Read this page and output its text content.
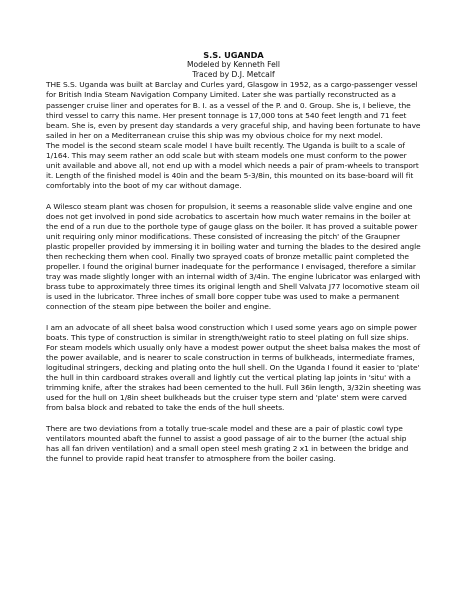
S.S. UGANDA
Modeled by Kenneth Fell
Traced by D.J. Metcalf

THE S.S. Uganda was built at Barclay and Curles yard, Glasgow in 1952, as a cargo-passenger vessel for British India Steam Navigation Company Limited. Later she was partially reconstructed as a passenger cruise liner and operates for B. I. as a vessel of the P. and 0. Group. She is, I believe, the third vessel to carry this name. Her present tonnage is 17,000 tons at 540 feet length and 71 feet beam. She is, even by present day standards a very graceful ship, and having been fortunate to have sailed in her on a Mediterranean cruise this ship was my obvious choice for my next model.

The model is the second steam scale model I have built recently. The Uganda is built to a scale of 1/164. This may seem rather an odd scale but with steam models one must conform to the power unit available and above all, not end up with a model which needs a pair of pram-wheels to transport it. Length of the finished model is 40in and the beam 5-3/8in, this mounted on its base-board will fit comfortably into the boot of my car without damage.

A Wilesco steam plant was chosen for propulsion, it seems a reasonable slide valve engine and one does not get involved in pond side acrobatics to ascertain how much water remains in the boiler at the end of a run due to the porthole type of gauge glass on the boiler. It has proved a suitable power unit requiring only minor modifications. These consisted of increasing the pitch' of the Graupner plastic propeller provided by immersing it in boiling water and turning the blades to the desired angle then rechecking them when cool. Finally two sprayed coats of bronze metallic paint completed the propeller. I found the original burner inadequate for the performance I envisaged, therefore a similar tray was made slightly longer with an internal width of 3/4in. The engine lubricator was enlarged with brass tube to approximately three times its original length and Shell Valvata J77 locomotive steam oil is used in the lubricator. Three inches of small bore copper tube was used to make a permanent connection of the steam pipe between the boiler and engine.

I am an advocate of all sheet balsa wood construction which I used some years ago on simple power boats. This type of construction is similar in strength/weight ratio to steel plating on full size ships. For steam models which usually only have a modest power output the sheet balsa makes the most of the power available, and is nearer to scale construction in terms of bulkheads, intermediate frames, logitudinal stringers, decking and plating onto the hull shell. On the Uganda I found it easier to 'plate' the hull in thin cardboard strakes overall and lightly cut the vertical plating lap joints in 'situ' with a trimming knife, after the strakes had been cemented to the hull. Full 36in length, 3/32in sheeting was used for the hull on 1/8in sheet bulkheads but the cruiser type stern and 'plate' stem were carved from balsa block and rebated to take the ends of the hull sheets.

There are two deviations from a totally true-scale model and these are a pair of plastic cowl type ventilators mounted abaft the funnel to assist a good passage of air to the burner (the actual ship has all fan driven ventilation) and a small open steel mesh grating 2 x1 in between the bridge and the funnel to provide rapid heat transfer to atmosphere from the boiler casing.
